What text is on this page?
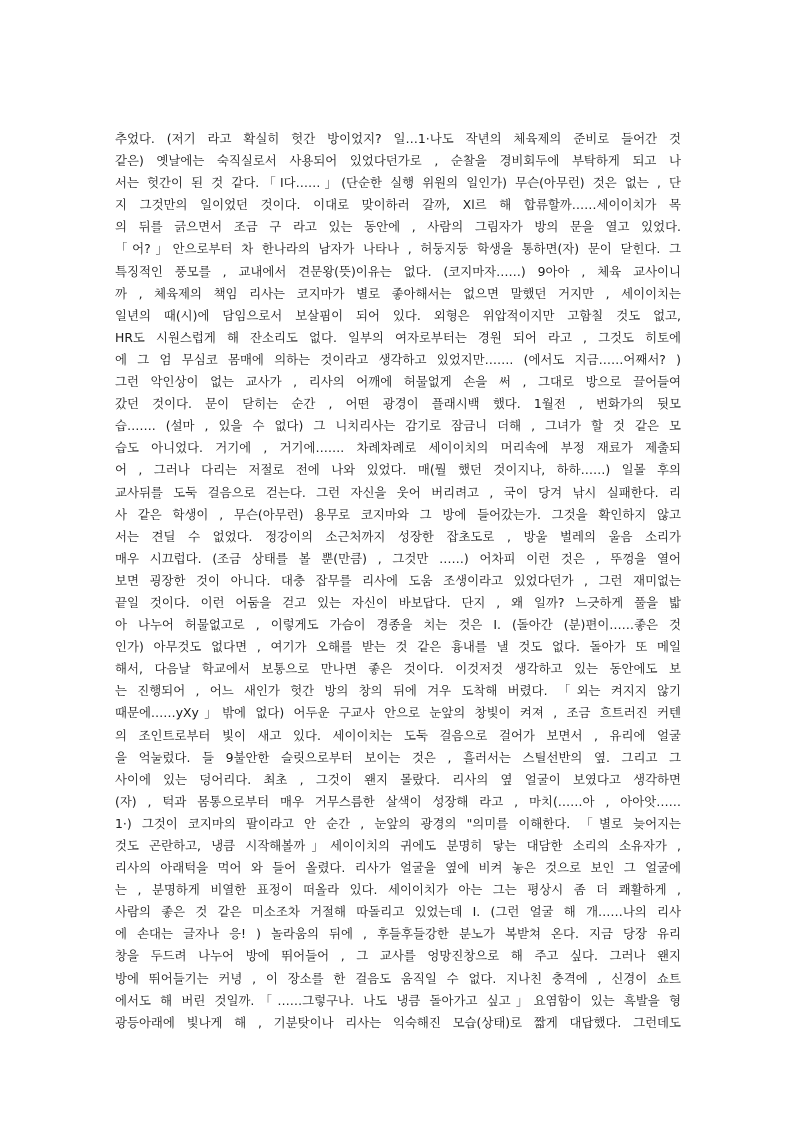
추었다. (저기 라고 확실히 헛간 방이었지? 일…1·나도 작년의 체육제의 준비로 들어간 것
같은) 옛날에는 숙직실로서 사용되어 있었다던가로 , 순찰을 경비회두에 부탁하게 되고 나
서는 헛간이 된 것 같다.「I다……」(단순한 실행 위원의 일인가) 무슨(아무런) 것은 없는 , 단
지 그것만의 일이었던 것이다. 이대로 맞이하러 갈까, Xl르 해 합류할까……세이이치가 목
의 뒤를 긁으면서 조금 구 라고 있는 동안에 , 사람의 그림자가 방의 문을 열고 있었다.
「어?」안으로부터 차 한나라의 남자가 나타나 , 허둥지둥 학생을 통하면(자) 문이 닫힌다. 그
특징적인 풍모를 , 교내에서 견문왕(뜻)이유는 없다. (코지마자……) 9아아 , 체육 교사이니
까 , 체육제의 책임 리사는 코지마가 별로 좋아해서는 없으면 말했던 거지만 , 세이이치는
일년의 때(시)에 담임으로서 보살핌이 되어 있다. 외형은 위압적이지만 고함칠 것도 없고,
HR도 시원스럽게 해 잔소리도 없다. 일부의 여자로부터는 경원 되어 라고 , 그것도 히토에
에 그 엄 무심코 몸매에 의하는 것이라고 생각하고 있었지만……. (에서도 지금……어째서? )
그런 악인상이 없는 교사가 , 리사의 어깨에 허물없게 손을 써 , 그대로 방으로 끌어들여
갔던 것이다. 문이 닫히는 순간 , 어떤 광경이 플래시백 했다. 1월전 , 번화가의 뒷모
습……. (설마 , 있을 수 없다) 그 니치리사는 감기로 잠금니 더해 , 그녀가 할 것 같은 모
습도 아니었다. 거기에 , 거기에……. 차례차례로 세이이치의 머리속에 부정 재료가 제출되
어 , 그러나 다리는 저절로 전에 나와 있었다. 매(뭘 했던 것이지나, 하하……) 일몰 후의
교사뒤를 도둑 걸음으로 걷는다. 그런 자신을 웃어 버리려고 , 국이 당겨 낚시 실패한다. 리
사 같은 학생이 , 무슨(아무런) 용무로 코지마와 그 방에 들어갔는가. 그것을 확인하지 않고
서는 견딜 수 없었다. 정강이의 소근처까지 성장한 잡초도로 , 방울 벌레의 울음 소리가
매우 시끄럽다. (조금 상태를 볼 뿐(만큼) , 그것만 ……) 어차피 이런 것은 , 뚜껑을 열어
보면 굉장한 것이 아니다. 대충 잡무를 리사에 도움 조생이라고 있었다던가 , 그런 재미없는
끝일 것이다. 이런 어둠을 걷고 있는 자신이 바보답다. 단지 , 왜 일까? 느긋하게 풀을 밟
아 나누어 허물없고로 , 이렇게도 가슴이 경종을 치는 것은 I. (돌아간 (분)편이……좋은 것
인가) 아무것도 없다면 , 여기가 오해를 받는 것 같은 흉내를 낼 것도 없다. 돌아가 또 메일
해서, 다음날 학교에서 보통으로 만나면 좋은 것이다. 이것저것 생각하고 있는 동안에도 보
는 진행되어 , 어느 새인가 헛간 방의 창의 뒤에 겨우 도착해 버렸다. 「외는 켜지지 않기
때문에……yXy」밖에 없다) 어두운 구교사 안으로 눈앞의 창빛이 켜져 , 조금 흐트러진 커텐
의 조인트로부터 빛이 새고 있다. 세이이치는 도둑 걸음으로 걸어가 보면서 , 유리에 얼굴
을 억눌렀다. 들 9불안한 슬릿으로부터 보이는 것은 , 흘러서는 스틸선반의 옆. 그리고 그
사이에 있는 덩어리다. 최초 , 그것이 왠지 몰랐다. 리사의 옆 얼굴이 보였다고 생각하면
(자) , 턱과 몸통으로부터 매우 거무스름한 살색이 성장해 라고 , 마치(……아 , 아아앗……
1·) 그것이 코지마의 팔이라고 안 순간 , 눈앞의 광경의 "의미를 이해한다. 「별로 늦어지는
것도 곤란하고, 냉큼 시작해볼까」세이이치의 귀에도 분명히 닿는 대담한 소리의 소유자가 ,
리사의 아래턱을 먹어 와 들어 올렸다. 리사가 얼굴을 옆에 비켜 놓은 것으로 보인 그 얼굴에
는 , 분명하게 비열한 표정이 떠올라 있다. 세이이치가 아는 그는 평상시 좀 더 쾌활하게 ,
사람의 좋은 것 같은 미소조차 거절해 따돌리고 있었는데 I. (그런 얼굴 해 개……나의 리사
에 손대는 글자나 응! ) 놀라움의 뒤에 , 후들후들강한 분노가 복받쳐 온다. 지금 당장 유리
창을 두드려 나누어 방에 뛰어들어 , 그 교사를 엉망진창으로 해 주고 싶다. 그러나 왠지
방에 뛰어들기는 커녕 , 이 장소를 한 걸음도 움직일 수 없다. 지나친 충격에 , 신경이 쇼트
에서도 해 버린 것일까.「……그렇구나. 나도 냉큼 돌아가고 싶고」요염함이 있는 흑발을 형
광등아래에 빛나게 해 , 기분탓이나 리사는 익숙해진 모습(상태)로 짧게 대답했다. 그런데도
